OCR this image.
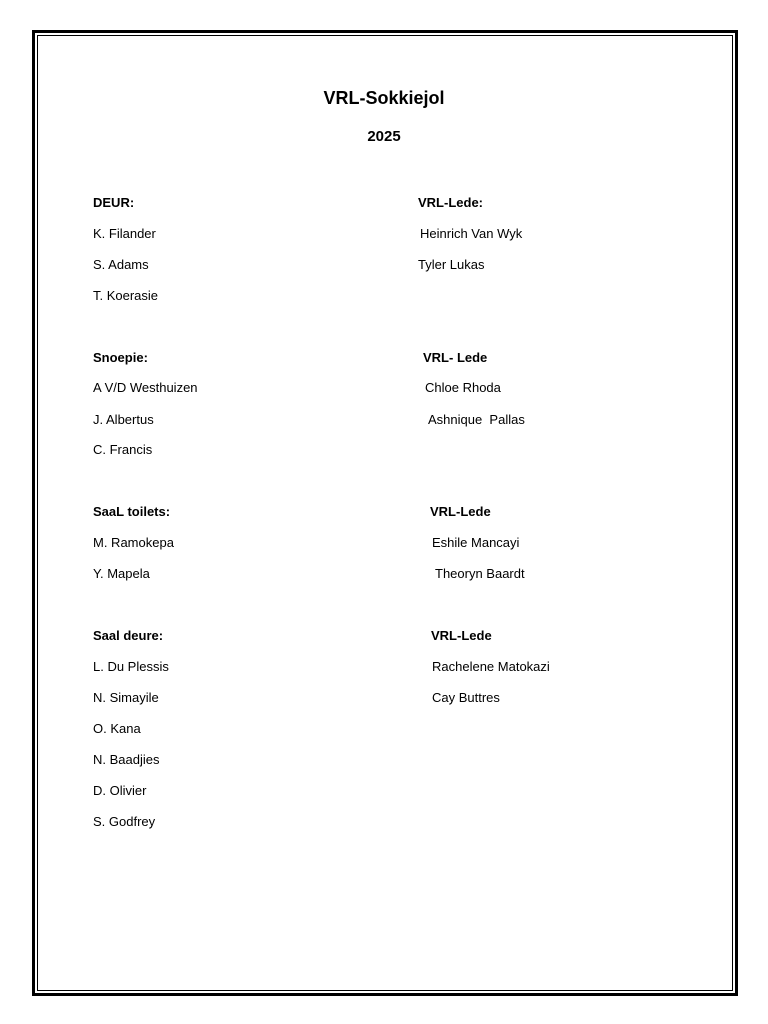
VRL-Sokkiejol
2025
DEUR:
K. Filander
S. Adams
T. Koerasie
VRL-Lede:
Heinrich Van Wyk
Tyler Lukas
Snoepie:
A V/D Westhuizen
J. Albertus
C. Francis
VRL- Lede
Chloe Rhoda
Ashnique  Pallas
SaaL toilets:
M. Ramokepa
Y. Mapela
VRL-Lede
Eshile Mancayi
Theoryn Baardt
Saal deure:
L. Du Plessis
N. Simayile
O. Kana
N. Baadjies
D. Olivier
S. Godfrey
VRL-Lede
Rachelene Matokazi
Cay Buttres
